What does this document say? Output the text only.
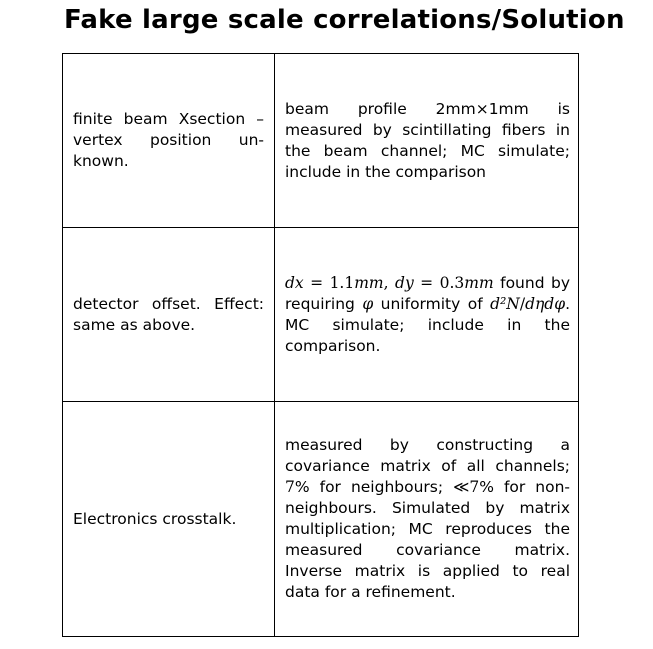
Fake large scale correlations/Solution

finite beam Xsection – vertex position unknown.

beam profile 2mm×1mm is measured by scintillating fibers in the beam channel; MC simulate; include in the comparison

detector offset. Effect: same as above.

dx = 1.1mm, dy = 0.3mm found by requiring φ uniformity of d²N/dηdφ. MC simulate; include in the comparison.

Electronics crosstalk.

measured by constructing a covariance matrix of all channels; 7% for neighbours; ≪7% for non-neighbours. Simulated by matrix multiplication; MC reproduces the measured covariance matrix. Inverse matrix is applied to real data for a refinement.
